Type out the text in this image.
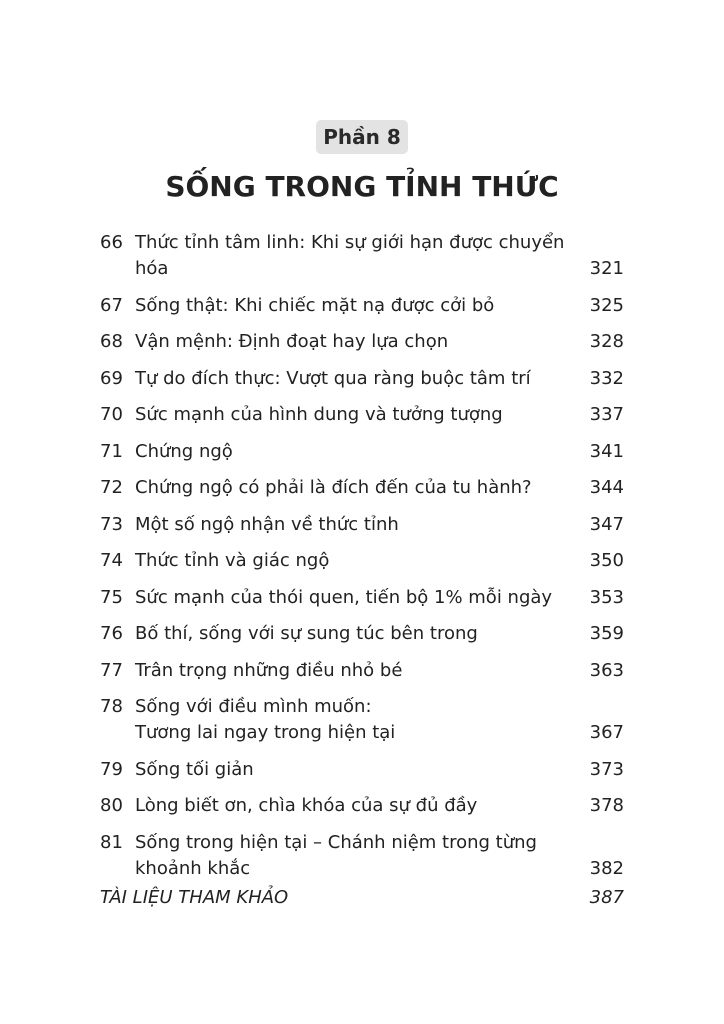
Phần 8
SỐNG TRONG TỈNH THỨC
66 Thức tỉnh tâm linh: Khi sự giới hạn được chuyển hóa	321
67 Sống thật: Khi chiếc mặt nạ được cởi bỏ	325
68 Vận mệnh: Định đoạt hay lựa chọn	328
69 Tự do đích thực: Vượt qua ràng buộc tâm trí	332
70 Sức mạnh của hình dung và tưởng tượng	337
71 Chứng ngộ	341
72 Chứng ngộ có phải là đích đến của tu hành?	344
73 Một số ngộ nhận về thức tỉnh	347
74 Thức tỉnh và giác ngộ	350
75 Sức mạnh của thói quen, tiến bộ 1% mỗi ngày	353
76 Bố thí, sống với sự sung túc bên trong	359
77 Trân trọng những điều nhỏ bé	363
78 Sống với điều mình muốn:
Tương lai ngay trong hiện tại	367
79 Sống tối giản	373
80 Lòng biết ơn, chìa khóa của sự đủ đầy	378
81 Sống trong hiện tại – Chánh niệm trong từng
khoảnh khắc	382
TÀI LIỆU THAM KHẢO	387
